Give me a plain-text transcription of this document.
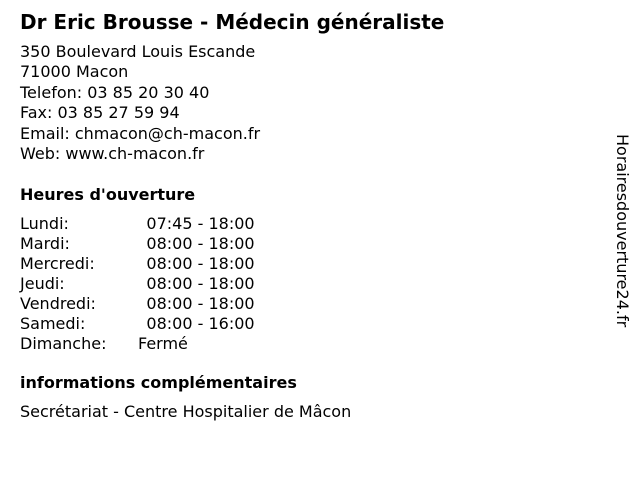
Dr Eric Brousse - Médecin généraliste
350 Boulevard Louis Escande
71000 Macon
Telefon: 03 85 20 30 40
Fax: 03 85 27 59 94
Email: chmacon@ch-macon.fr
Web: www.ch-macon.fr
Heures d'ouverture
Lundi:	07:45 - 18:00
Mardi:	08:00 - 18:00
Mercredi:	08:00 - 18:00
Jeudi:	08:00 - 18:00
Vendredi:	08:00 - 18:00
Samedi:	08:00 - 16:00
Dimanche:	Fermé
informations complémentaires
Secrétariat - Centre Hospitalier de Mâcon
Horairesdouverture24.fr
